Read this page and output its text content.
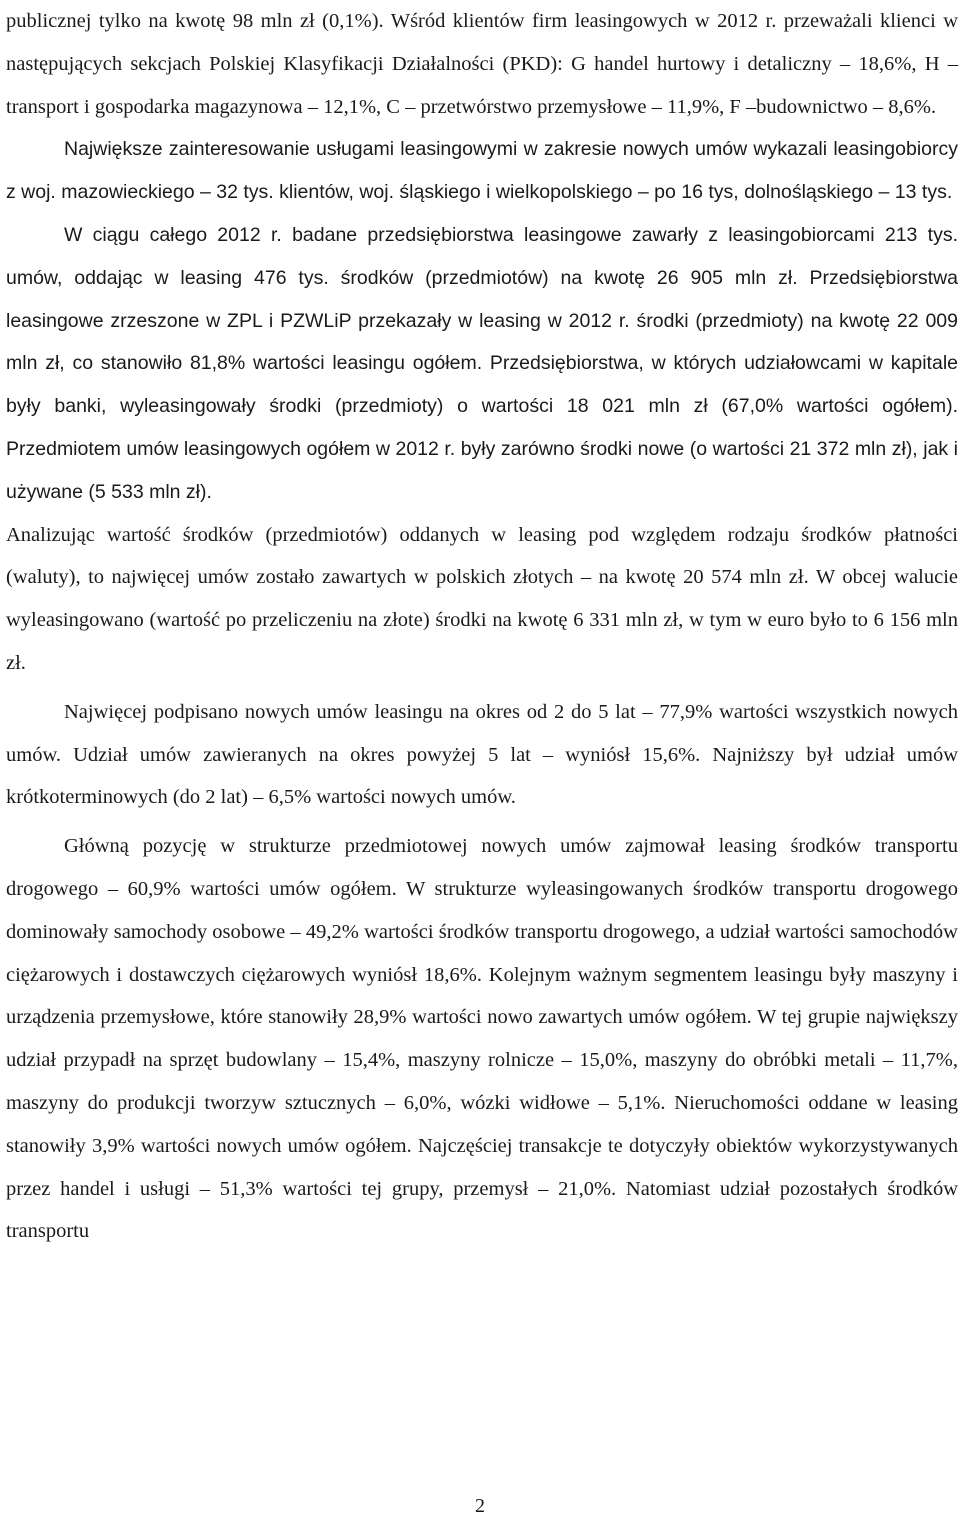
publicznej tylko na kwotę 98 mln zł (0,1%). Wśród klientów firm leasingowych w 2012 r. przeważali klienci w następujących sekcjach Polskiej Klasyfikacji Działalności (PKD): G handel hurtowy i detaliczny – 18,6%, H – transport i gospodarka magazynowa – 12,1%, C – przetwórstwo przemysłowe – 11,9%, F –budownictwo – 8,6%.

Największe zainteresowanie usługami leasingowymi w zakresie nowych umów wykazali leasingobiorcy z woj. mazowieckiego – 32 tys. klientów, woj. śląskiego i wielkopolskiego – po 16 tys, dolnośląskiego – 13 tys.

W ciągu całego 2012 r. badane przedsiębiorstwa leasingowe zawarły z leasingobiorcami 213 tys. umów, oddając w leasing 476 tys. środków (przedmiotów) na kwotę 26 905 mln zł. Przedsiębiorstwa leasingowe zrzeszone w ZPL i PZWLiP przekazały w leasing w 2012 r. środki (przedmioty) na kwotę 22 009 mln zł, co stanowiło 81,8% wartości leasingu ogółem. Przedsiębiorstwa, w których udziałowcami w kapitale były banki, wyleasingowały środki (przedmioty) o wartości 18 021 mln zł (67,0% wartości ogółem). Przedmiotem umów leasingowych ogółem w 2012 r. były zarówno środki nowe (o wartości 21 372 mln zł), jak i używane (5 533 mln zł).

Analizując wartość środków (przedmiotów) oddanych w leasing pod względem rodzaju środków płatności (waluty), to najwięcej umów zostało zawartych w polskich złotych – na kwotę 20 574 mln zł. W obcej walucie wyleasingowano (wartość po przeliczeniu na złote) środki na kwotę 6 331 mln zł, w tym w euro było to 6 156 mln zł.

Najwięcej podpisano nowych umów leasingu na okres od 2 do 5 lat – 77,9% wartości wszystkich nowych umów. Udział umów zawieranych na okres powyżej 5 lat – wyniósł 15,6%. Najniższy był udział umów krótkoterminowych (do 2 lat) – 6,5% wartości nowych umów.

Główną pozycję w strukturze przedmiotowej nowych umów zajmował leasing środków transportu drogowego – 60,9% wartości umów ogółem. W strukturze wyleasingowanych środków transportu drogowego dominowały samochody osobowe – 49,2% wartości środków transportu drogowego, a udział wartości samochodów ciężarowych i dostawczych ciężarowych wyniósł 18,6%. Kolejnym ważnym segmentem leasingu były maszyny i urządzenia przemysłowe, które stanowiły 28,9% wartości nowo zawartych umów ogółem. W tej grupie największy udział przypadł na sprzęt budowlany – 15,4%, maszyny rolnicze – 15,0%, maszyny do obróbki metali – 11,7%, maszyny do produkcji tworzyw sztucznych – 6,0%, wózki widłowe – 5,1%. Nieruchomości oddane w leasing stanowiły 3,9% wartości nowych umów ogółem. Najczęściej transakcje te dotyczyły obiektów wykorzystywanych przez handel i usługi – 51,3% wartości tej grupy, przemysł – 21,0%. Natomiast udział pozostałych środków transportu

2
